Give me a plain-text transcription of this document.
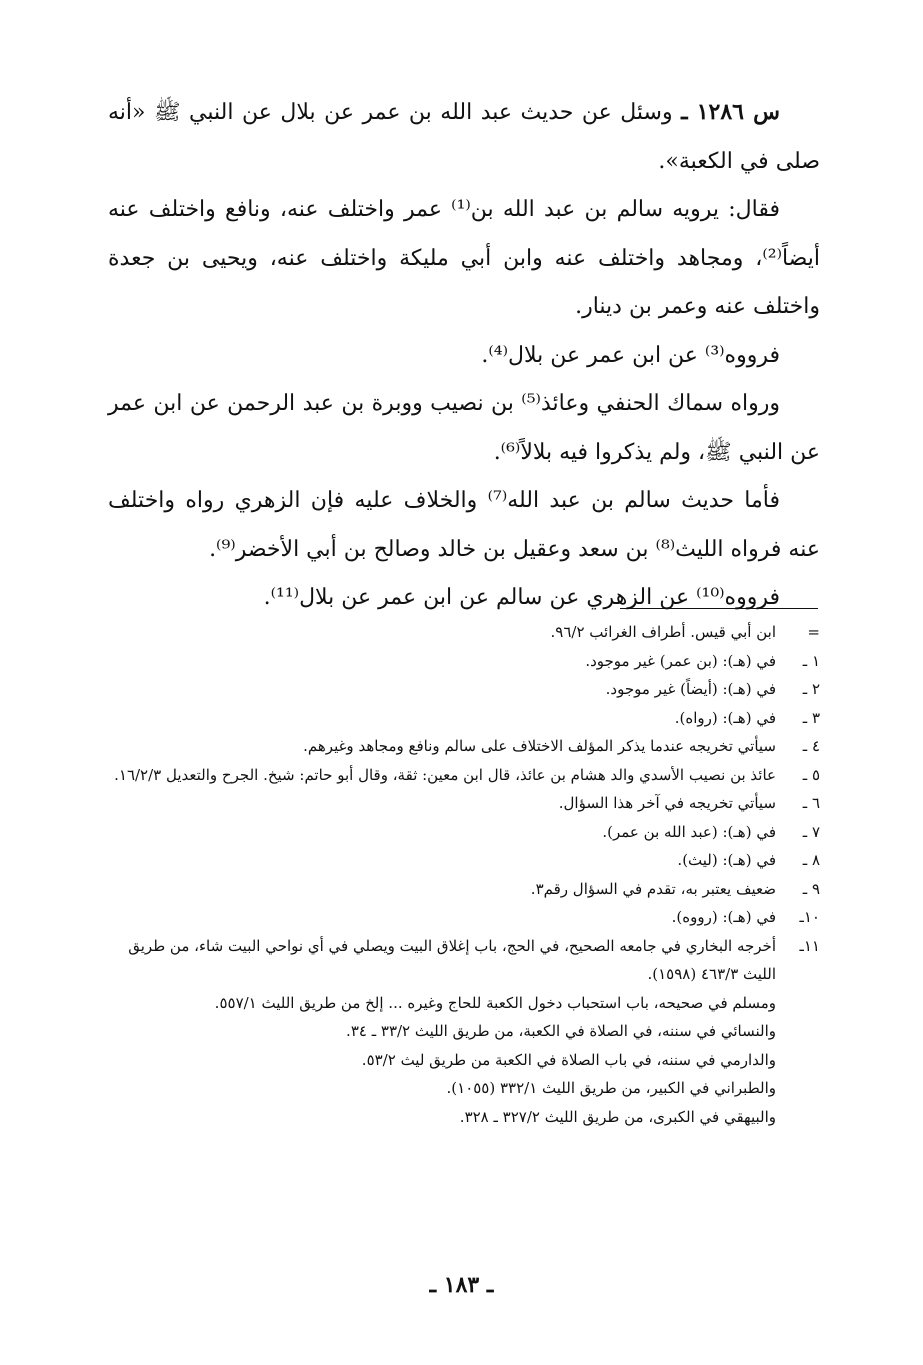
س ١٢٨٦ ـ وسئل عن حديث عبد الله بن عمر عن بلال عن النبي ﷺ «أنه صلى في الكعبة».

فقال: يرويه سالم بن عبد الله بن⁽¹⁾ عمر واختلف عنه، ونافع واختلف عنه أيضاً⁽²⁾، ومجاهد واختلف عنه وابن أبي مليكة واختلف عنه، ويحيى بن جعدة واختلف عنه وعمر بن دينار.

فرووه⁽³⁾ عن ابن عمر عن بلال⁽⁴⁾.

ورواه سماك الحنفي وعائذ⁽⁵⁾ بن نصيب ووبرة بن عبد الرحمن عن ابن عمر عن النبي ﷺ، ولم يذكروا فيه بلالاً⁽⁶⁾.

فأما حديث سالم بن عبد الله⁽⁷⁾ والخلاف عليه فإن الزهري رواه واختلف عنه فرواه الليث⁽⁸⁾ بن سعد وعقيل بن خالد وصالح بن أبي الأخضر⁽⁹⁾.

فرووه⁽¹⁰⁾ عن الزهري عن سالم عن ابن عمر عن بلال⁽¹¹⁾.

=
ابن أبي قيس. أطراف الغرائب ٩٦/٢.
١ ـ
في (هـ): (بن عمر) غير موجود.
٢ ـ
في (هـ): (أيضاً) غير موجود.
٣ ـ
في (هـ): (رواه).
٤ ـ
سيأتي تخريجه عندما يذكر المؤلف الاختلاف على سالم ونافع ومجاهد وغيرهم.
٥ ـ
عائذ بن نصيب الأسدي والد هشام بن عائذ، قال ابن معين: ثقة، وقال أبو حاتم: شيخ. الجرح والتعديل ١٦/٢/٣.
٦ ـ
سيأتي تخريجه في آخر هذا السؤال.
٧ ـ
في (هـ): (عبد الله بن عمر).
٨ ـ
في (هـ): (ليث).
٩ ـ
ضعيف يعتبر به، تقدم في السؤال رقم٣.
١٠ـ
في (هـ): (رووه).
١١ـ
أخرجه البخاري في جامعه الصحيح، في الحج، باب إغلاق البيت ويصلي في أي نواحي البيت شاء، من طريق الليث ٤٦٣/٣ (١٥٩٨).
ومسلم في صحيحه، باب استحباب دخول الكعبة للحاج وغيره ... إلخ من طريق الليث ٥٥٧/١.
والنسائي في سننه، في الصلاة في الكعبة، من طريق الليث ٣٣/٢ ـ ٣٤.
والدارمي في سننه، في باب الصلاة في الكعبة من طريق ليث ٥٣/٢.
والطبراني في الكبير، من طريق الليث ٣٣٢/١ (١٠٥٥).
والبيهقي في الكبرى، من طريق الليث ٣٢٧/٢ ـ ٣٢٨.
ـ ١٨٣ ـ
